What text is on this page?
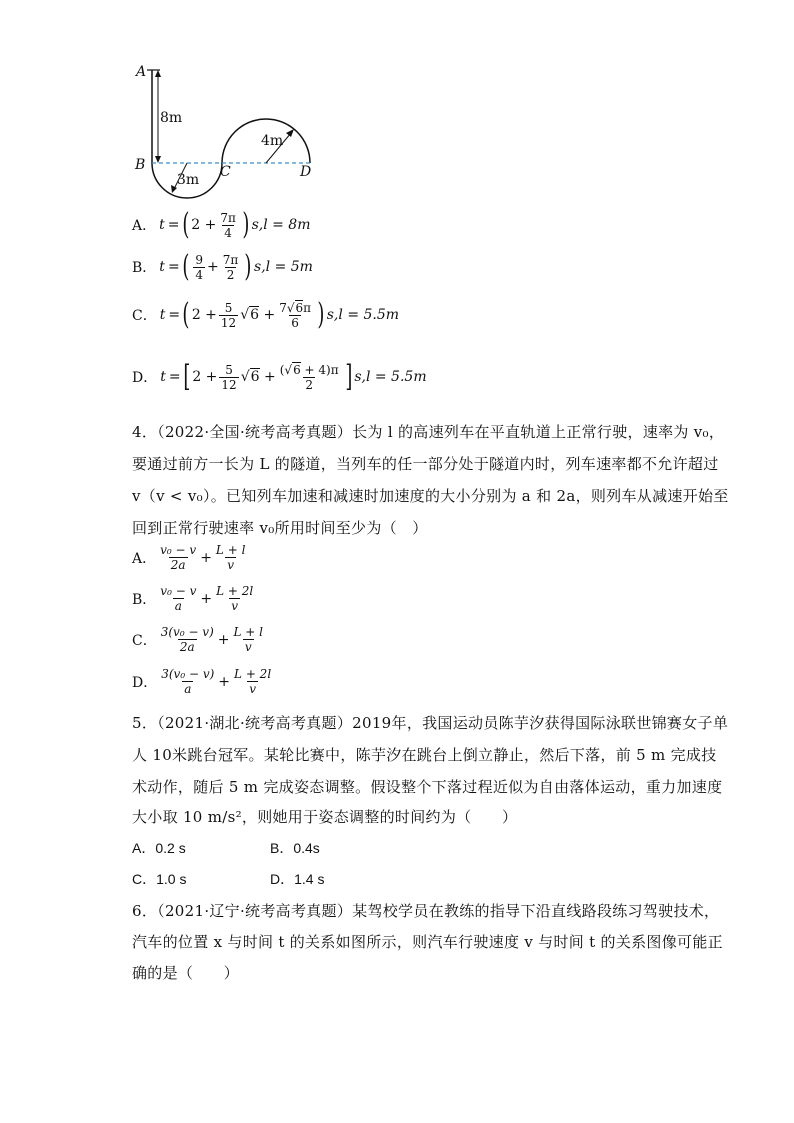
A
8m
B
3m C
4m
D
A． t = ( $2 + \frac{7\pi}{4}$ ) s,l = 8m
B． t = ( 9
$4 + \frac{7\pi}{2}$ ) s,l = 5m
C． t = ( $2 + \frac{5}{12} √6 + \frac{7√6\pi}{6}$ ) s,l = 5.5m
D． t = [ $2 + \frac{5}{12} √6 + \frac{(√6 + 4)\pi}{2}$ ] s,l = 5.5m
4．（2022·全国·统考高考真题）长为 l 的高速列车在平直轨道上正常行驶，速率为 v₀，
要通过前方一长为 L 的隧道，当列车的任一部分处于隧道内时，列车速率都不允许超过
v（v < v₀）。已知列车加速和减速时加速度的大小分别为 a 和 2a，则列车从减速开始至
回到正常行驶速率 v₀所用时间至少为（　）
A．
v₀ − v
$2a + \frac{L + l}{v}$
B．
v₀ − v
$a + \frac{L + 2l}{v}$
C．
3(v₀ − v)
$2a + \frac{L + l}{v}$
D．
3(v₀ − v)
$a + \frac{L + 2l}{v}$
5．（2021·湖北·统考高考真题）2019年，我国运动员陈芋汐获得国际泳联世锦赛女子单
人 10米跳台冠军。某轮比赛中，陈芋汐在跳台上倒立静止，然后下落，前 5 m 完成技
术动作，随后 5 m 完成姿态调整。假设整个下落过程近似为自由落体运动，重力加速度
大小取 10 m/s²，则她用于姿态调整的时间约为（　　）
A．0.2 s	B．0.4s
C．1.0 s	D．1.4 s
6．（2021·辽宁·统考高考真题）某驾校学员在教练的指导下沿直线路段练习驾驶技术，
汽车的位置 x 与时间 t 的关系如图所示，则汽车行驶速度 v 与时间 t 的关系图像可能正
确的是（　　）
